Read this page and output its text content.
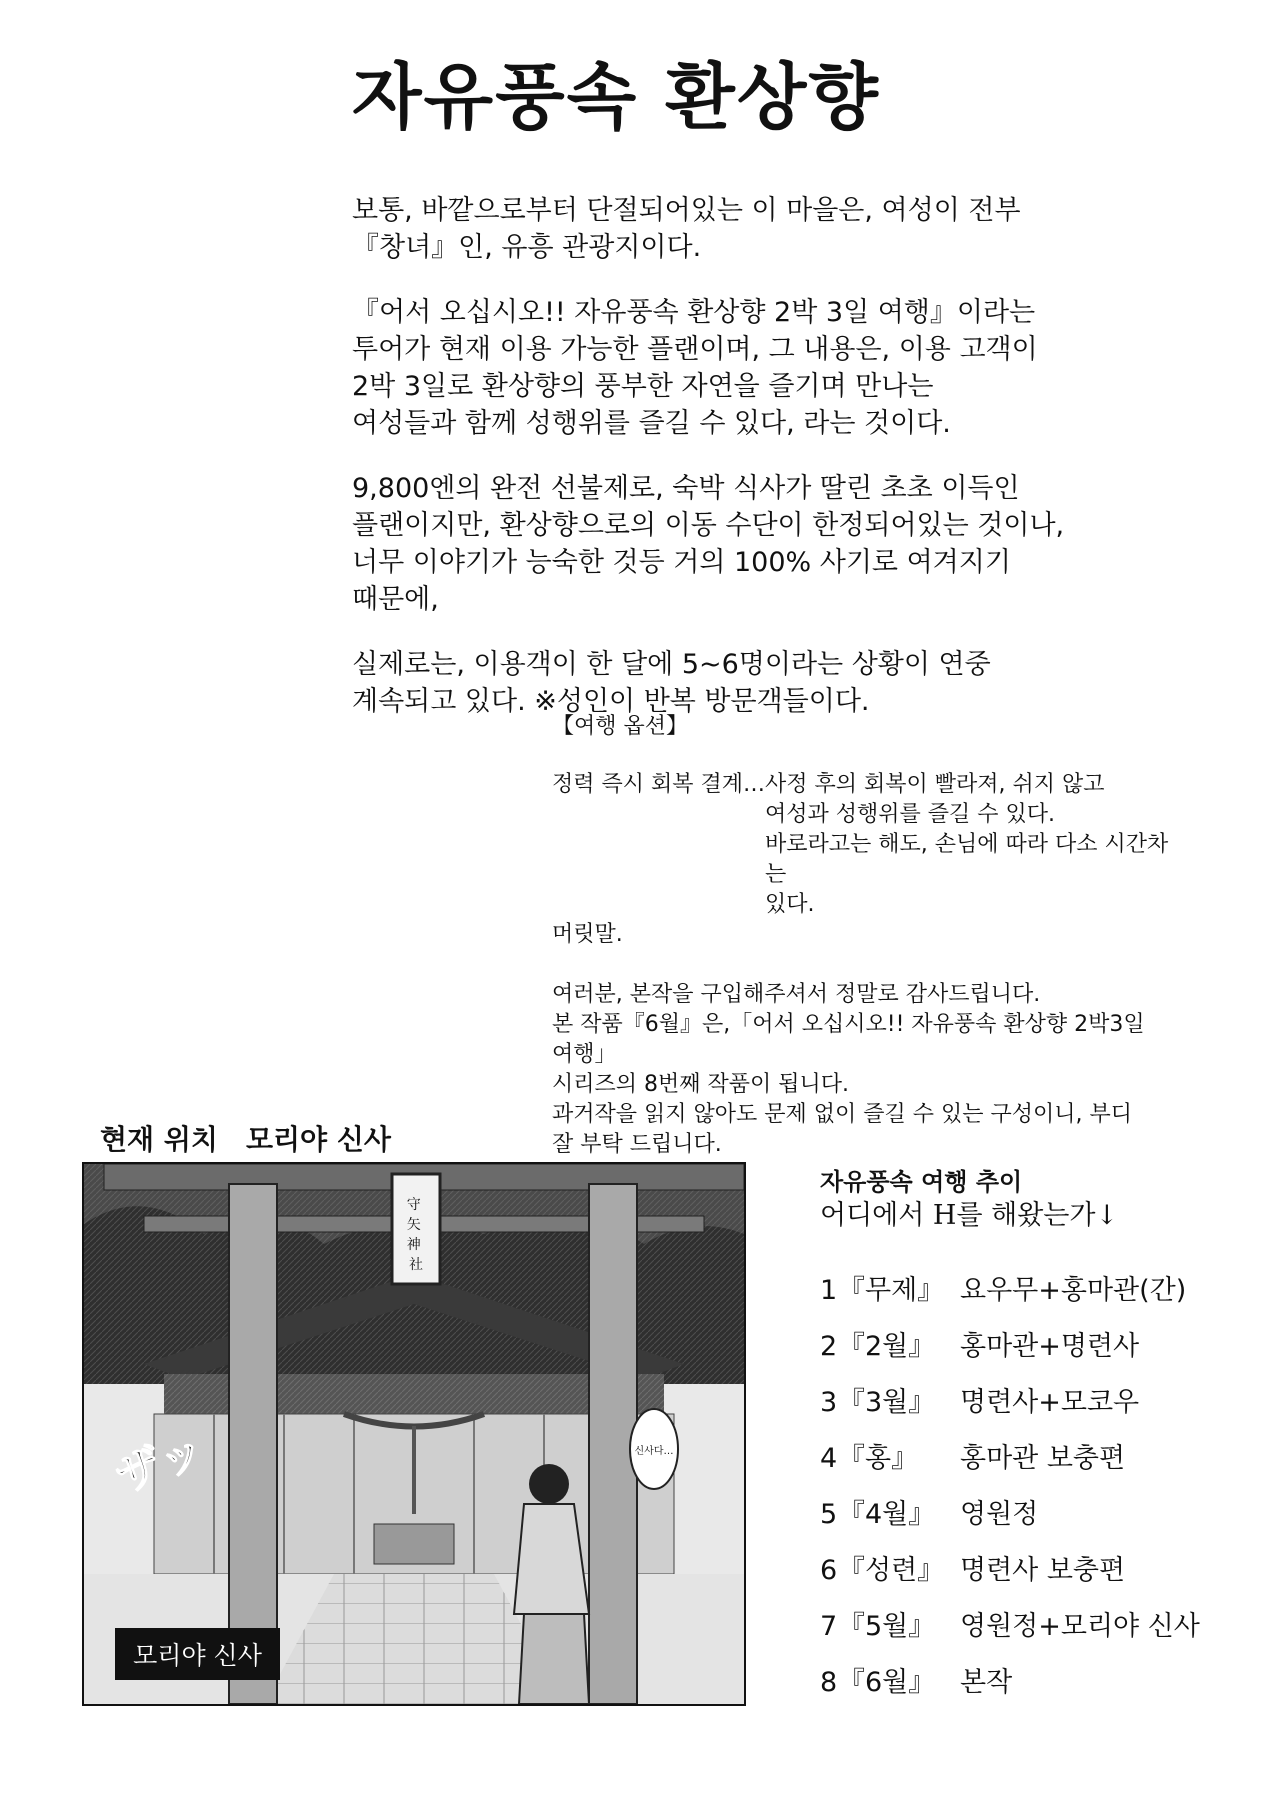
자유풍속 환상향

보통, 바깥으로부터 단절되어있는 이 마을은, 여성이 전부
『창녀』인, 유흥 관광지이다.

『어서 오십시오!! 자유풍속 환상향 2박 3일 여행』이라는
투어가 현재 이용 가능한 플랜이며, 그 내용은, 이용 고객이
2박 3일로 환상향의 풍부한 자연을 즐기며 만나는
여성들과 함께 성행위를 즐길 수 있다, 라는 것이다.

9,800엔의 완전 선불제로, 숙박 식사가 딸린 초초 이득인
플랜이지만, 환상향으로의 이동 수단이 한정되어있는 것이나,
너무 이야기가 능숙한 것등 거의 100% 사기로 여겨지기
때문에,

실제로는, 이용객이 한 달에 5~6명이라는 상황이 연중
계속되고 있다. ※성인이 반복 방문객들이다.

【여행 옵션】
정력 즉시 회복 결계… 사정 후의 회복이 빨라져, 쉬지 않고
여성과 성행위를 즐길 수 있다.
바로라고는 해도, 손님에 따라 다소 시간차는
있다.

머릿말.

여러분, 본작을 구입해주셔서 정말로 감사드립니다.
본 작품『6월』은,「어서 오십시오!! 자유풍속 환상향 2박3일 여행」
시리즈의 8번째 작품이 됩니다.
과거작을 읽지 않아도 문제 없이 즐길 수 있는 구성이니, 부디
잘 부탁 드립니다.

현재 위치　모리야 신사

守 矢 神 社
ザッ	신사다…
모리야 신사
자유풍속 여행 추이

어디에서 H를 해왔는가↓

1 『무제』 요우무+홍마관(간)
2 『2월』 홍마관+명련사
3 『3월』 명련사+모코우
4 『홍』 홍마관 보충편
5 『4월』 영원정
6 『성련』 명련사 보충편
7 『5월』 영원정+모리야 신사
8 『6월』 본작
